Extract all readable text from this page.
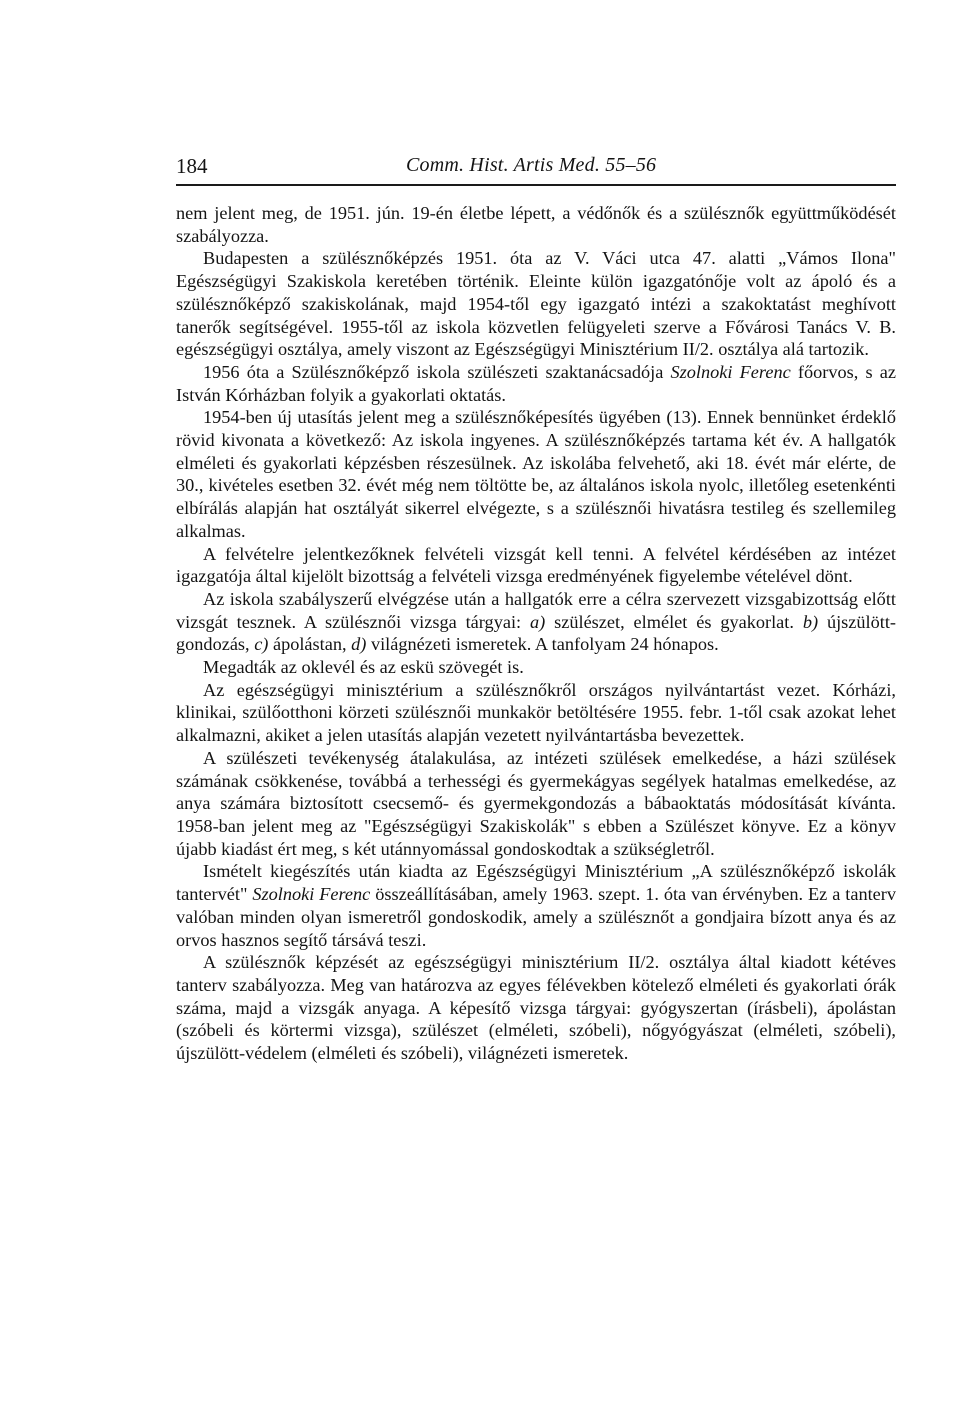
184	Comm. Hist. Artis Med. 55–56

nem jelent meg, de 1951. jún. 19-én életbe lépett, a védőnők és a szülésznők együttműködését szabályozza.

Budapesten a szülésznőképzés 1951. óta az V. Váci utca 47. alatti „Vámos Ilona" Egészségügyi Szakiskola keretében történik. Eleinte külön igazgatónője volt az ápoló és a szülésznőképző szakiskolának, majd 1954-től egy igazgató intézi a szakoktatást meghívott tanerők segítségével. 1955-től az iskola közvetlen felügyeleti szerve a Fővárosi Tanács V. B. egészségügyi osztálya, amely viszont az Egészségügyi Minisztérium II/2. osztálya alá tartozik.

1956 óta a Szülésznőképző iskola szülészeti szaktanácsadója Szolnoki Ferenc főorvos, s az István Kórházban folyik a gyakorlati oktatás.

1954-ben új utasítás jelent meg a szülésznőképesítés ügyében (13). Ennek bennünket érdeklő rövid kivonata a következő: Az iskola ingyenes. A szülésznőképzés tartama két év. A hallgatók elméleti és gyakorlati képzésben részesülnek. Az iskolába felvehető, aki 18. évét már elérte, de 30., kivételes esetben 32. évét még nem töltötte be, az általános iskola nyolc, illetőleg esetenkénti elbírálás alapján hat osztályát sikerrel elvégezte, s a szülésznői hivatásra testileg és szellemileg alkalmas.

A felvételre jelentkezőknek felvételi vizsgát kell tenni. A felvétel kérdésében az intézet igazgatója által kijelölt bizottság a felvételi vizsga eredményének figyelembe vételével dönt.

Az iskola szabályszerű elvégzése után a hallgatók erre a célra szervezett vizsgabizottság előtt vizsgát tesznek. A szülésznői vizsga tárgyai: a) szülészet, elmélet és gyakorlat. b) újszülött-gondozás, c) ápolástan, d) világnézeti ismeretek. A tanfolyam 24 hónapos.

Megadták az oklevél és az eskü szövegét is.

Az egészségügyi minisztérium a szülésznőkről országos nyilvántartást vezet. Kórházi, klinikai, szülőotthoni körzeti szülésznői munkakör betöltésére 1955. febr. 1-től csak azokat lehet alkalmazni, akiket a jelen utasítás alapján vezetett nyilvántartásba bevezettek.

A szülészeti tevékenység átalakulása, az intézeti szülések emelkedése, a házi szülések számának csökkenése, továbbá a terhességi és gyermekágyas segélyek hatalmas emelkedése, az anya számára biztosított csecsemő- és gyermekgondozás a bábaoktatás módosítását kívánta. 1958-ban jelent meg az "Egészségügyi Szakiskolák" s ebben a Szülészet könyve. Ez a könyv újabb kiadást ért meg, s két utánnyomással gondoskodtak a szükségletről.

Ismételt kiegészítés után kiadta az Egészségügyi Minisztérium „A szülésznőképző iskolák tantervét" Szolnoki Ferenc összeállításában, amely 1963. szept. 1. óta van érvényben. Ez a tanterv valóban minden olyan ismeretről gondoskodik, amely a szülésznőt a gondjaira bízott anya és az orvos hasznos segítő társává teszi.

A szülésznők képzését az egészségügyi minisztérium II/2. osztálya által kiadott kétéves tanterv szabályozza. Meg van határozva az egyes félévekben kötelező elméleti és gyakorlati órák száma, majd a vizsgák anyaga. A képesítő vizsga tárgyai: gyógyszertan (írásbeli), ápolástan (szóbeli és körtermi vizsga), szülészet (elméleti, szóbeli), nőgyógyászat (elméleti, szóbeli), újszülött-védelem (elméleti és szóbeli), világnézeti ismeretek.
